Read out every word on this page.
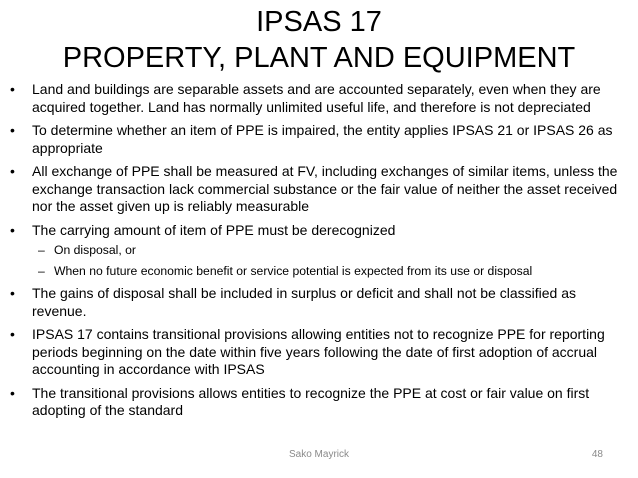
IPSAS 17
PROPERTY, PLANT AND EQUIPMENT
•	Land and buildings are separable assets and are accounted separately, even when they are acquired together. Land has normally unlimited useful life, and therefore is not depreciated
•	To determine whether an item of PPE is impaired, the entity applies IPSAS 21 or IPSAS 26 as appropriate
•	All exchange of PPE shall be measured at FV, including exchanges of similar items, unless the exchange transaction lack commercial substance or the fair value of neither the asset received nor the asset given up is reliably measurable
•	The carrying amount of item of PPE must be derecognized
– On disposal, or
– When no future economic benefit or service potential is expected from its use or disposal
•	The gains of disposal shall be included in surplus or deficit and shall not be classified as revenue.
•	IPSAS 17 contains transitional provisions allowing entities not to recognize PPE for reporting periods beginning on the date within five years following the date of first adoption of accrual accounting in accordance with IPSAS
•	The transitional provisions allows entities to recognize the PPE at cost or fair value on first adopting of the standard
Sako Mayrick	48
